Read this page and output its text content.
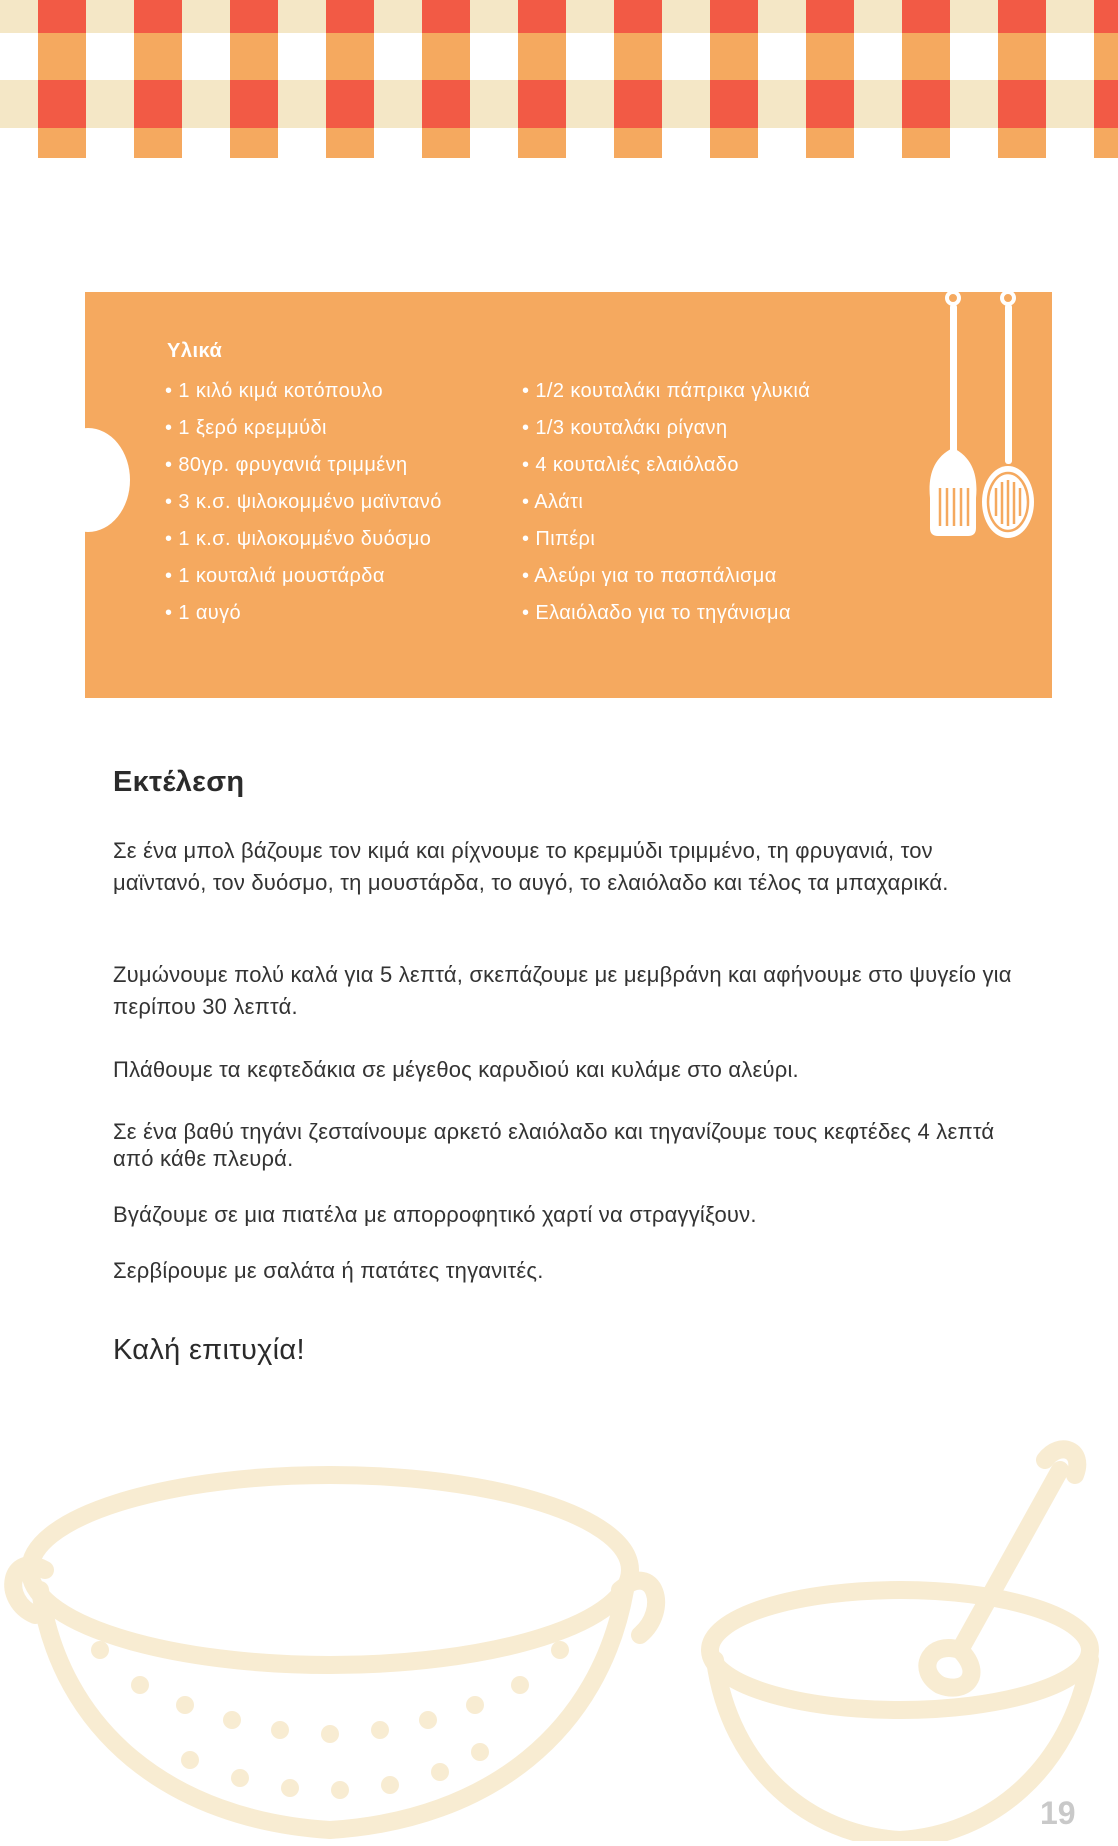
Υλικά
• 1 κιλό κιμά κοτόπουλο
• 1 ξερό κρεμμύδι
• 80γρ. φρυγανιά τριμμένη
• 3 κ.σ. ψιλοκομμένο μαϊντανό
• 1 κ.σ. ψιλοκομμένο δυόσμο
• 1 κουταλιά μουστάρδα
• 1 αυγό
• 1/2 κουταλάκι πάπρικα γλυκιά
• 1/3 κουταλάκι ρίγανη
• 4 κουταλιές ελαιόλαδο
• Αλάτι
• Πιπέρι
• Αλεύρι για το πασπάλισμα
• Ελαιόλαδο για το τηγάνισμα
Εκτέλεση

Σε ένα μπολ βάζουμε τον κιμά και ρίχνουμε το κρεμμύδι τριμμένο, τη φρυγανιά, τον μαϊντανό, τον δυόσμο, τη μουστάρδα, το αυγό, το ελαιόλαδο και τέλος τα μπαχαρικά.

Ζυμώνουμε πολύ καλά για 5 λεπτά, σκεπάζουμε με μεμβράνη και αφήνουμε στο ψυγείο για περίπου 30 λεπτά.

Πλάθουμε τα κεφτεδάκια σε μέγεθος καρυδιού και κυλάμε στο αλεύρι.

Σε ένα βαθύ τηγάνι ζεσταίνουμε αρκετό ελαιόλαδο και τηγανίζουμε τους κεφτέδες 4 λεπτά από κάθε πλευρά.

Βγάζουμε σε μια πιατέλα με απορροφητικό χαρτί να στραγγίξουν.

Σερβίρουμε με σαλάτα ή πατάτες τηγανιτές.

Καλή επιτυχία!
19
